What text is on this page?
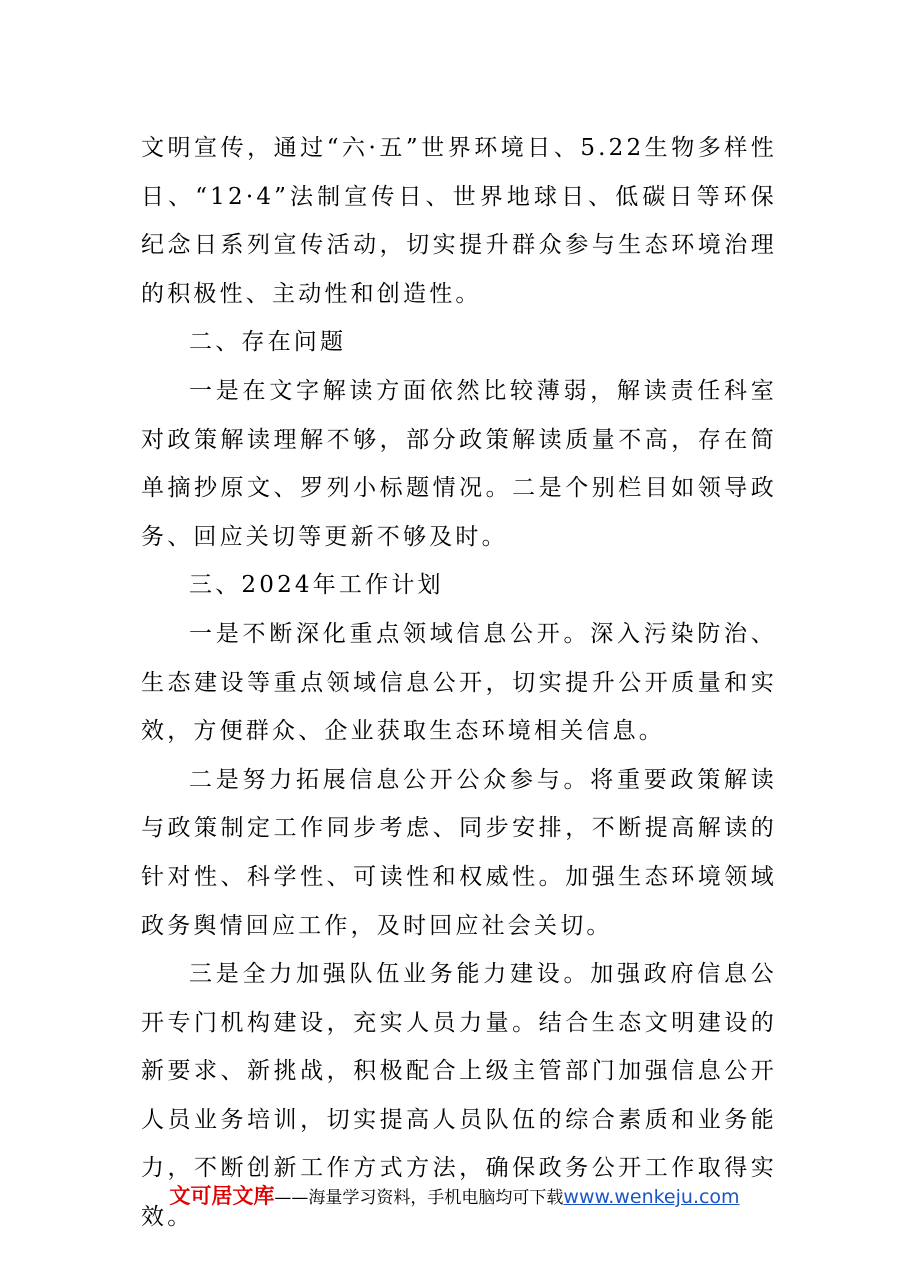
文明宣传，通过“六·五”世界环境日、5.22生物多样性日、“12·4”法制宣传日、世界地球日、低碳日等环保纪念日系列宣传活动，切实提升群众参与生态环境治理的积极性、主动性和创造性。

二、存在问题

一是在文字解读方面依然比较薄弱，解读责任科室对政策解读理解不够，部分政策解读质量不高，存在简单摘抄原文、罗列小标题情况。二是个别栏目如领导政务、回应关切等更新不够及时。

三、2024年工作计划

一是不断深化重点领域信息公开。深入污染防治、生态建设等重点领域信息公开，切实提升公开质量和实效，方便群众、企业获取生态环境相关信息。

二是努力拓展信息公开公众参与。将重要政策解读与政策制定工作同步考虑、同步安排，不断提高解读的针对性、科学性、可读性和权威性。加强生态环境领域政务舆情回应工作，及时回应社会关切。

三是全力加强队伍业务能力建设。加强政府信息公开专门机构建设，充实人员力量。结合生态文明建设的新要求、新挑战，积极配合上级主管部门加强信息公开人员业务培训，切实提高人员队伍的综合素质和业务能力，不断创新工作方式方法，确保政务公开工作取得实效。

文可居文库——海量学习资料，手机电脑均可下载www.wenkeju.com
